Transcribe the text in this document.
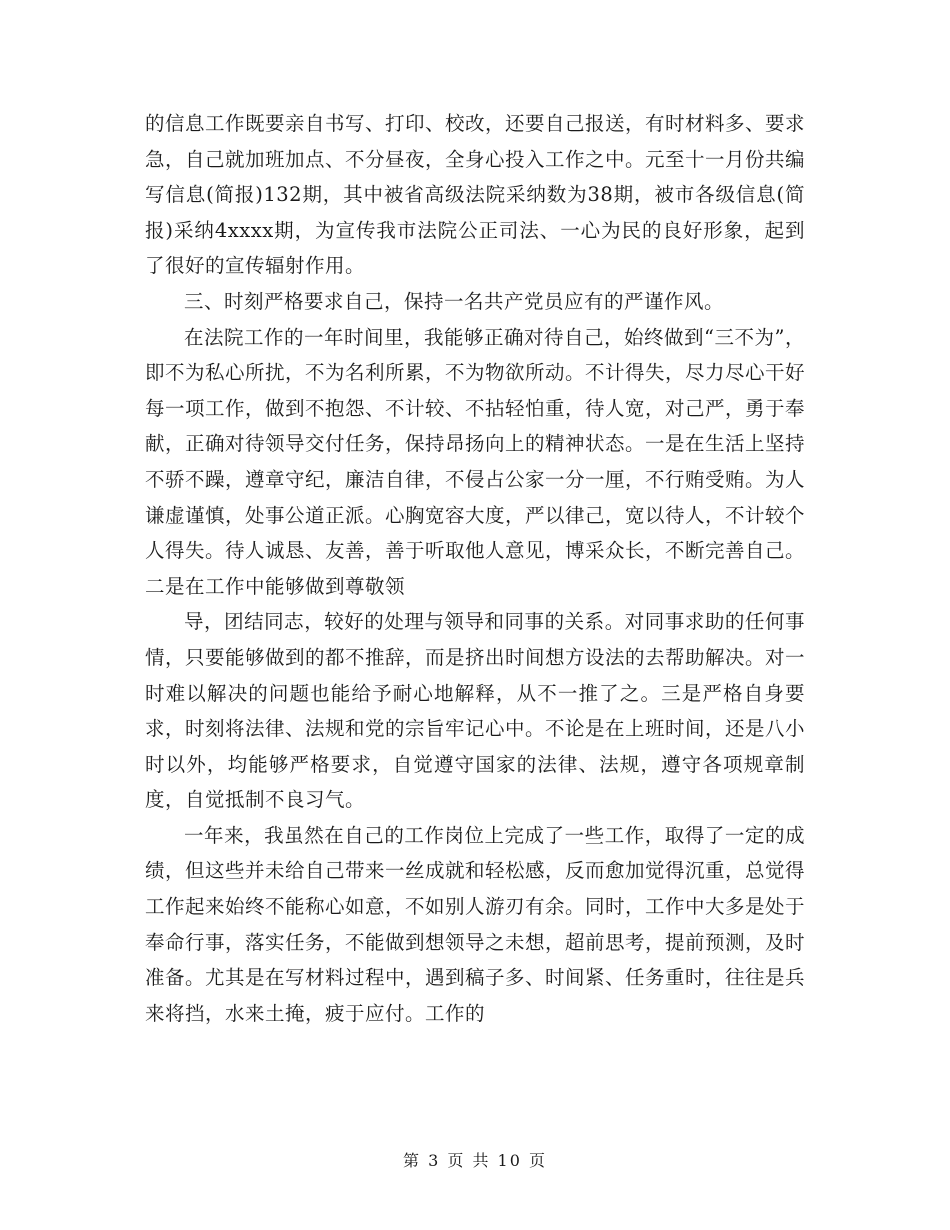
的信息工作既要亲自书写、打印、校改，还要自己报送，有时材料多、要求急，自己就加班加点、不分昼夜，全身心投入工作之中。元至十一月份共编写信息(简报)132期，其中被省高级法院采纳数为38期，被市各级信息(简报)采纳4xxxx期，为宣传我市法院公正司法、一心为民的良好形象，起到了很好的宣传辐射作用。

三、时刻严格要求自己，保持一名共产党员应有的严谨作风。

在法院工作的一年时间里，我能够正确对待自己，始终做到“三不为”，即不为私心所扰，不为名利所累，不为物欲所动。不计得失，尽力尽心干好每一项工作，做到不抱怨、不计较、不拈轻怕重，待人宽，对己严，勇于奉献，正确对待领导交付任务，保持昂扬向上的精神状态。一是在生活上坚持不骄不躁，遵章守纪，廉洁自律，不侵占公家一分一厘，不行贿受贿。为人谦虚谨慎，处事公道正派。心胸宽容大度，严以律己，宽以待人，不计较个人得失。待人诚恳、友善，善于听取他人意见，博采众长，不断完善自己。二是在工作中能够做到尊敬领

导，团结同志，较好的处理与领导和同事的关系。对同事求助的任何事情，只要能够做到的都不推辞，而是挤出时间想方设法的去帮助解决。对一时难以解决的问题也能给予耐心地解释，从不一推了之。三是严格自身要求，时刻将法律、法规和党的宗旨牢记心中。不论是在上班时间，还是八小时以外，均能够严格要求，自觉遵守国家的法律、法规，遵守各项规章制度，自觉抵制不良习气。

一年来，我虽然在自己的工作岗位上完成了一些工作，取得了一定的成绩，但这些并未给自己带来一丝成就和轻松感，反而愈加觉得沉重，总觉得工作起来始终不能称心如意，不如别人游刃有余。同时，工作中大多是处于奉命行事，落实任务，不能做到想领导之未想，超前思考，提前预测，及时准备。尤其是在写材料过程中，遇到稿子多、时间紧、任务重时，往往是兵来将挡，水来土掩，疲于应付。工作的

第 3 页 共 10 页
